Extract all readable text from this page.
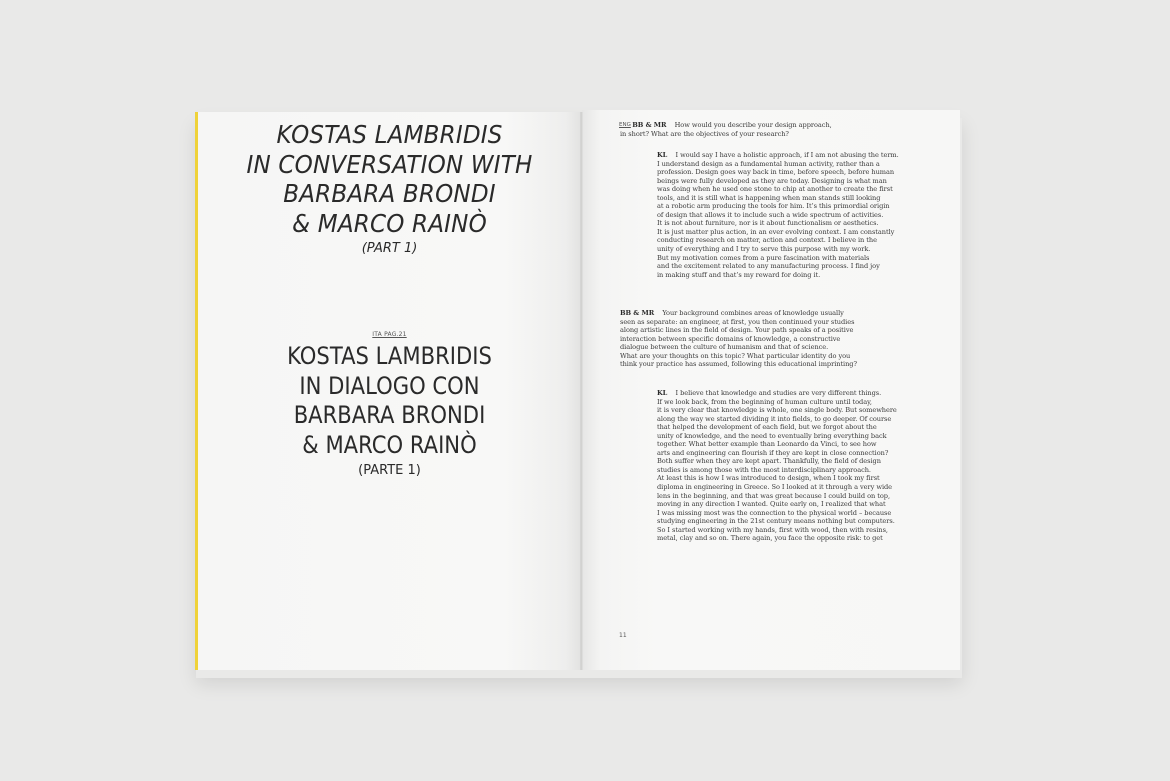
KOSTAS LAMBRIDIS
IN CONVERSATION WITH
BARBARA BRONDI
& MARCO RAINÒ
(PART 1)
ITA PAG.21
KOSTAS LAMBRIDIS
IN DIALOGO CON
BARBARA BRONDI
& MARCO RAINÒ
(PARTE 1)
ENG BB & MR How would you describe your design approach,
in short? What are the objectives of your research?
KL I would say I have a holistic approach, if I am not abusing the term.
I understand design as a fundamental human activity, rather than a
profession. Design goes way back in time, before speech, before human
beings were fully developed as they are today. Designing is what man
was doing when he used one stone to chip at another to create the first
tools, and it is still what is happening when man stands still looking
at a robotic arm producing the tools for him. It’s this primordial origin
of design that allows it to include such a wide spectrum of activities.
It is not about furniture, nor is it about functionalism or aesthetics.
It is just matter plus action, in an ever evolving context. I am constantly
conducting research on matter, action and context. I believe in the
unity of everything and I try to serve this purpose with my work.
But my motivation comes from a pure fascination with materials
and the excitement related to any manufacturing process. I find joy
in making stuff and that’s my reward for doing it.
BB & MR Your background combines areas of knowledge usually
seen as separate: an engineer, at first, you then continued your studies
along artistic lines in the field of design. Your path speaks of a positive
interaction between specific domains of knowledge, a constructive
dialogue between the culture of humanism and that of science.
What are your thoughts on this topic? What particular identity do you
think your practice has assumed, following this educational imprinting?
KL I believe that knowledge and studies are very different things.
If we look back, from the beginning of human culture until today,
it is very clear that knowledge is whole, one single body. But somewhere
along the way we started dividing it into fields, to go deeper. Of course
that helped the development of each field, but we forgot about the
unity of knowledge, and the need to eventually bring everything back
together. What better example than Leonardo da Vinci, to see how
arts and engineering can flourish if they are kept in close connection?
Both suffer when they are kept apart. Thankfully, the field of design
studies is among those with the most interdisciplinary approach.
At least this is how I was introduced to design, when I took my first
diploma in engineering in Greece. So I looked at it through a very wide
lens in the beginning, and that was great because I could build on top,
moving in any direction I wanted. Quite early on, I realized that what
I was missing most was the connection to the physical world – because
studying engineering in the 21st century means nothing but computers.
So I started working with my hands, first with wood, then with resins,
metal, clay and so on. There again, you face the opposite risk: to get
11
